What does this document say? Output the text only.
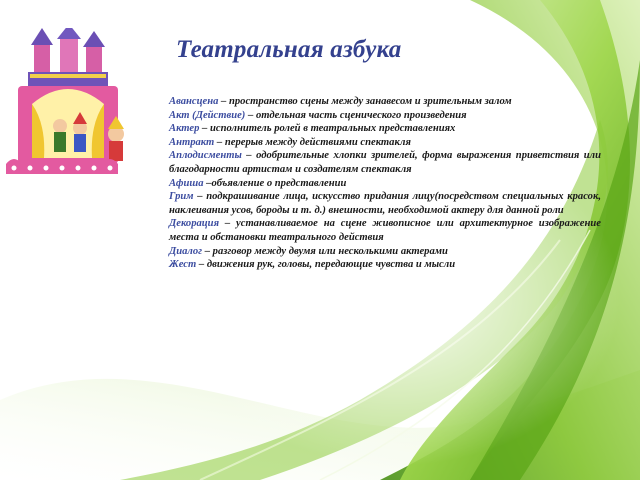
Театральная азбука
Авансцена – пространство сцены между занавесом и зрительным залом
Акт (Действие) – отдельная часть сценического произведения
Актер – исполнитель ролей в театральных представлениях
Антракт – перерыв между действиями спектакля
Аплодисменты – одобрительные хлопки зрителей, форма выражения приветствия или благодарности артистам и создателям спектакля
Афиша –объявление о представлении
Грим – подкрашивание лица, искусство придания лицу(посредством специальных красок, наклеивания усов, бороды и т. д.) внешности, необходимой актеру для данной роли
Декорация – устанавливаемое на сцене живописное или архитектурное изображение места и обстановки театрального действия
Диалог – разговор между двумя или несколькими актерами
Жест – движения рук, головы, передающие чувства и мысли
